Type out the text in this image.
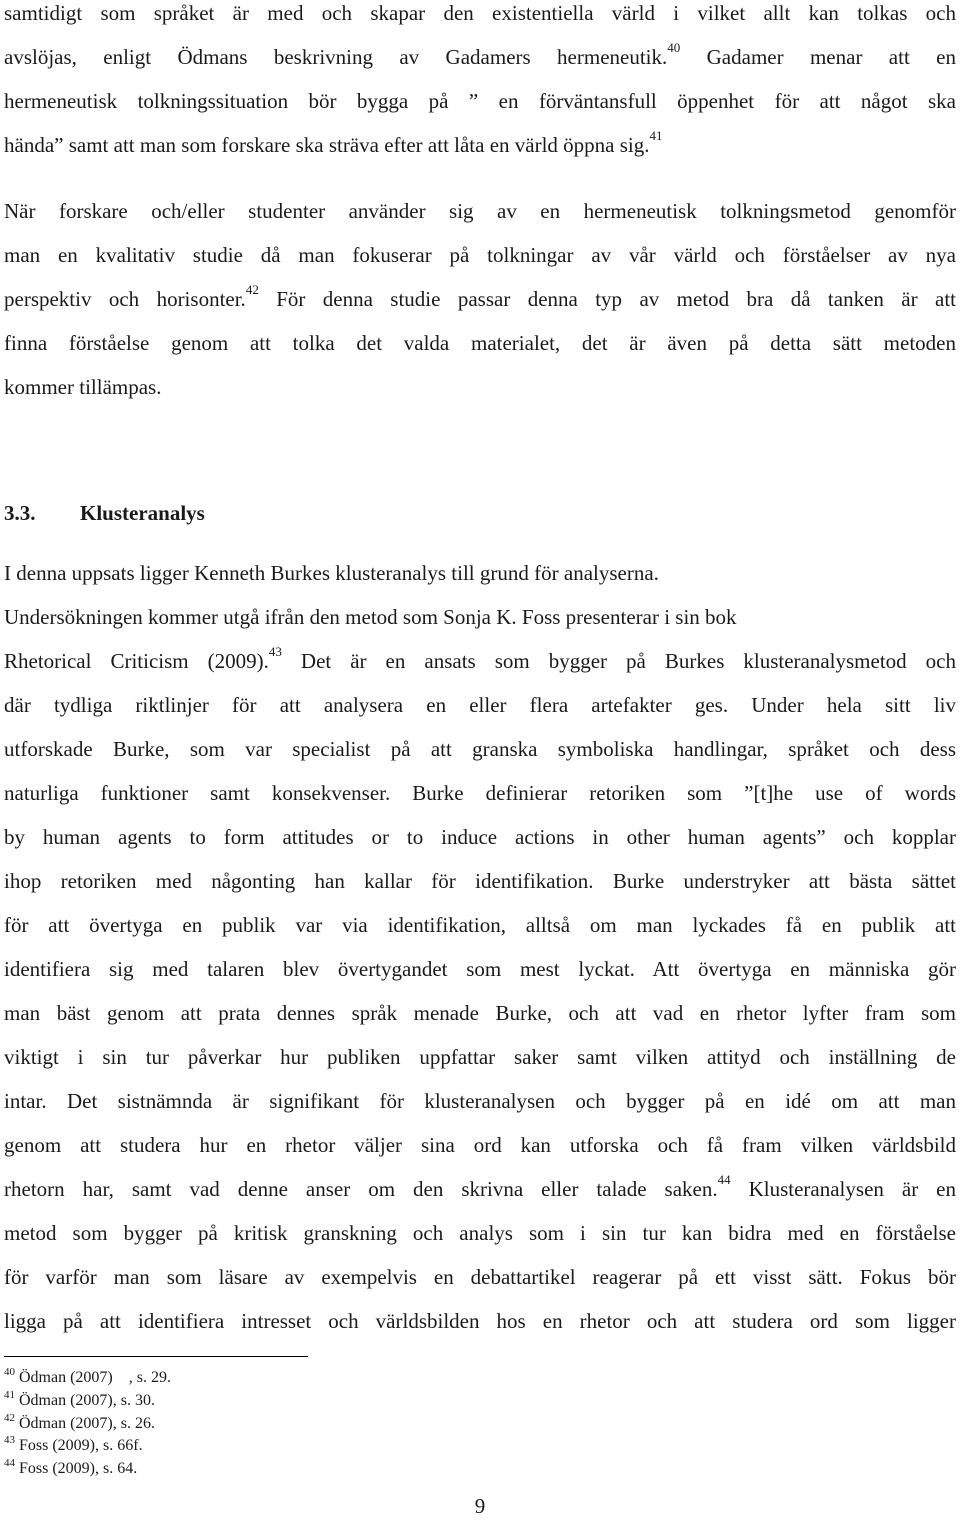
samtidigt som språket är med och skapar den existentiella värld i vilket allt kan tolkas och
avslöjas, enligt Ödmans beskrivning av Gadamers hermeneutik.$^{40}$ Gadamer menar att en
hermeneutisk tolkningssituation bör bygga på ” en förväntansfull öppenhet för att något ska
hända” samt att man som forskare ska sträva efter att låta en värld öppna sig.$^{41}$
När forskare och/eller studenter använder sig av en hermeneutisk tolkningsmetod genomför
man en kvalitativ studie då man fokuserar på tolkningar av vår värld och förståelser av nya
perspektiv och horisonter.$^{42}$ För denna studie passar denna typ av metod bra då tanken är att
finna förståelse genom att tolka det valda materialet, det är även på detta sätt metoden
kommer tillämpas.
3.3. Klusteranalys
I denna uppsats ligger Kenneth Burkes klusteranalys till grund för analyserna.
Undersökningen kommer utgå ifrån den metod som Sonja K. Foss presenterar i sin bok
Rhetorical Criticism (2009).$^{43}$ Det är en ansats som bygger på Burkes klusteranalysmetod och
där tydliga riktlinjer för att analysera en eller flera artefakter ges. Under hela sitt liv
utforskade Burke, som var specialist på att granska symboliska handlingar, språket och dess
naturliga funktioner samt konsekvenser. Burke definierar retoriken som ”[t]he use of words
by human agents to form attitudes or to induce actions in other human agents” och kopplar
ihop retoriken med någonting han kallar för identifikation. Burke understryker att bästa sättet
för att övertyga en publik var via identifikation, alltså om man lyckades få en publik att
identifiera sig med talaren blev övertygandet som mest lyckat. Att övertyga en människa gör
man bäst genom att prata dennes språk menade Burke, och att vad en rhetor lyfter fram som
viktigt i sin tur påverkar hur publiken uppfattar saker samt vilken attityd och inställning de
intar. Det sistnämnda är signifikant för klusteranalysen och bygger på en idé om att man
genom att studera hur en rhetor väljer sina ord kan utforska och få fram vilken världsbild
rhetorn har, samt vad denne anser om den skrivna eller talade saken.$^{44}$ Klusteranalysen är en
metod som bygger på kritisk granskning och analys som i sin tur kan bidra med en förståelse
för varför man som läsare av exempelvis en debattartikel reagerar på ett visst sätt. Fokus bör
ligga på att identifiera intresset och världsbilden hos en rhetor och att studera ord som ligger
$^{40}$ Ödman (2007)　, s. 29.
$^{41}$ Ödman (2007), s. 30.
$^{42}$ Ödman (2007), s. 26.
$^{43}$ Foss (2009), s. 66f.
$^{44}$ Foss (2009), s. 64.
9
